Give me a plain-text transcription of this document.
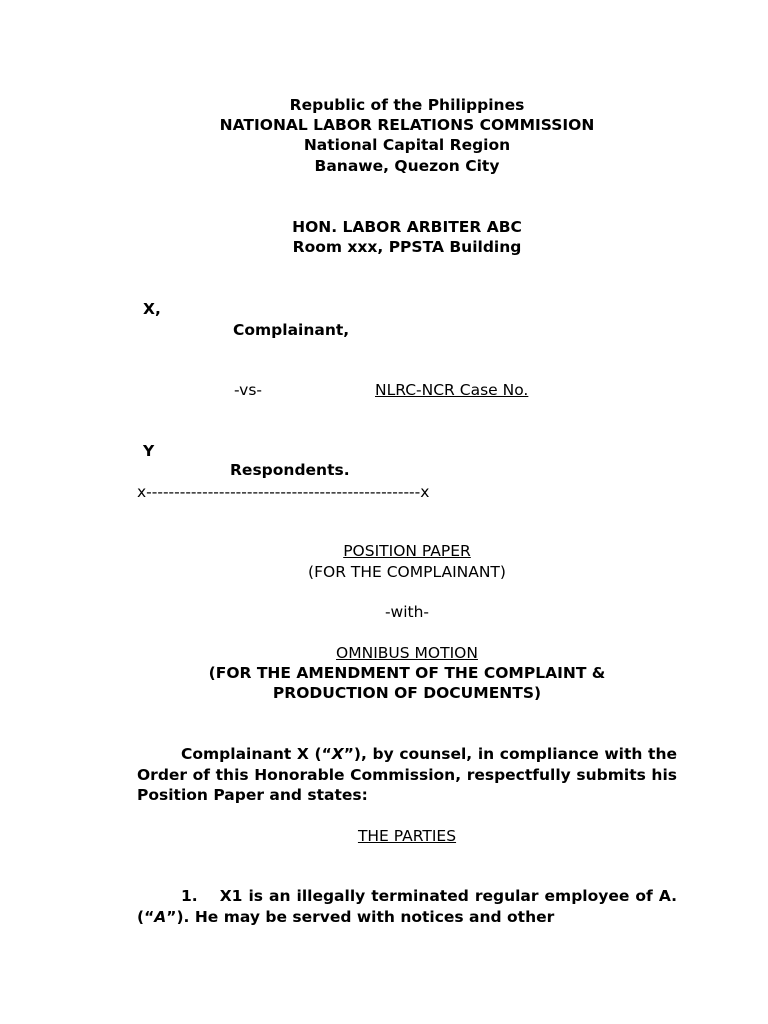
Republic of the Philippines
NATIONAL LABOR RELATIONS COMMISSION
National Capital Region
Banawe, Quezon City
HON. LABOR ARBITER ABC
Room xxx, PPSTA Building
X,
Complainant,
-vs-	NLRC-NCR Case No.
Y
Respondents.
x-------------------------------------------------x
POSITION PAPER
(FOR THE COMPLAINANT)
-with-
OMNIBUS MOTION
(FOR THE AMENDMENT OF THE COMPLAINT &
PRODUCTION OF DOCUMENTS)
Complainant X (“X”), by counsel, in compliance with the Order of this Honorable Commission, respectfully submits his Position Paper and states:
THE PARTIES
1. X1 is an illegally terminated regular employee of A. (“A”). He may be served with notices and other
